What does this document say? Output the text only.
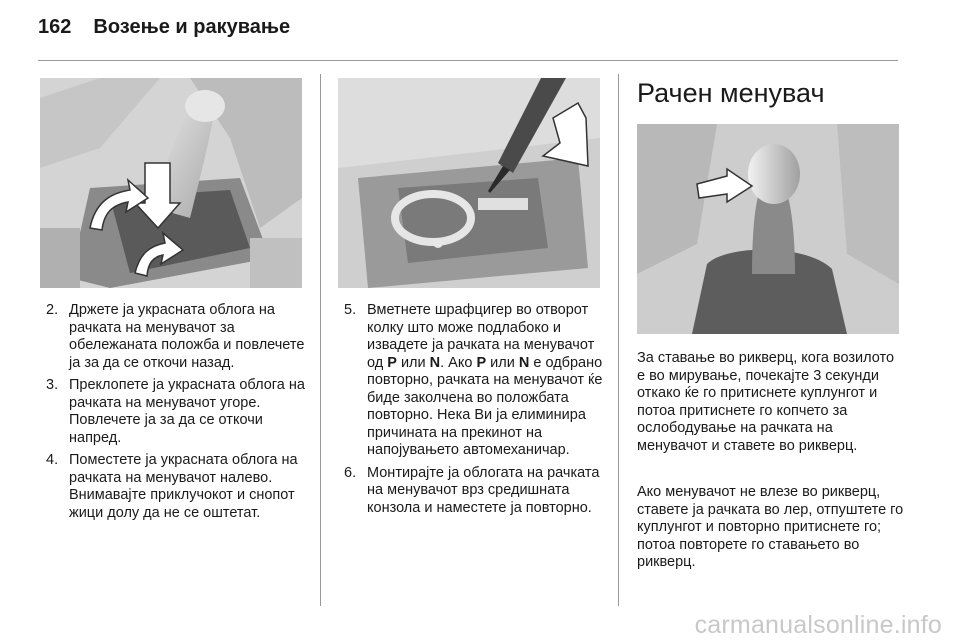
162 Возење и ракување
2. Држете ја украсната облога на рачката на менувачот за обележаната положба и повлечете ја за да се откочи назад.
3. Преклопете ја украсната облога на рачката на менувачот угоре. Повлечете ја за да се откочи напред.
4. Поместете ја украсната облога на рачката на менувачот налево. Внимавајте приклучокот и снопот жици долу да не се оштетат.
5. Вметнете шрафцигер во отворот колку што може подлабоко и извадете ја рачката на менувачот од P или N. Ако P или N е одбрано повторно, рачката на менувачот ќе биде заколчена во положбата повторно. Нека Ви ја елиминира причината на прекинот на напојувањето автомеханичар.
6. Монтирајте ја облогата на рачката на менувачот врз средишната конзола и наместете ја повторно.
Рачен менувач

За ставање во рикверц, кога возилото е во мирување, почекајте 3 секунди откако ќе го притиснете куплунгот и потоа притиснете го копчето за ослободување на рачката на менувачот и ставете во рикверц.

Ако менувачот не влезе во рикверц, ставете ја рачката во лер, отпуштете го куплунгот и повторно притиснете го; потоа повторете го ставањето во рикверц.

carmanualsonline.info
